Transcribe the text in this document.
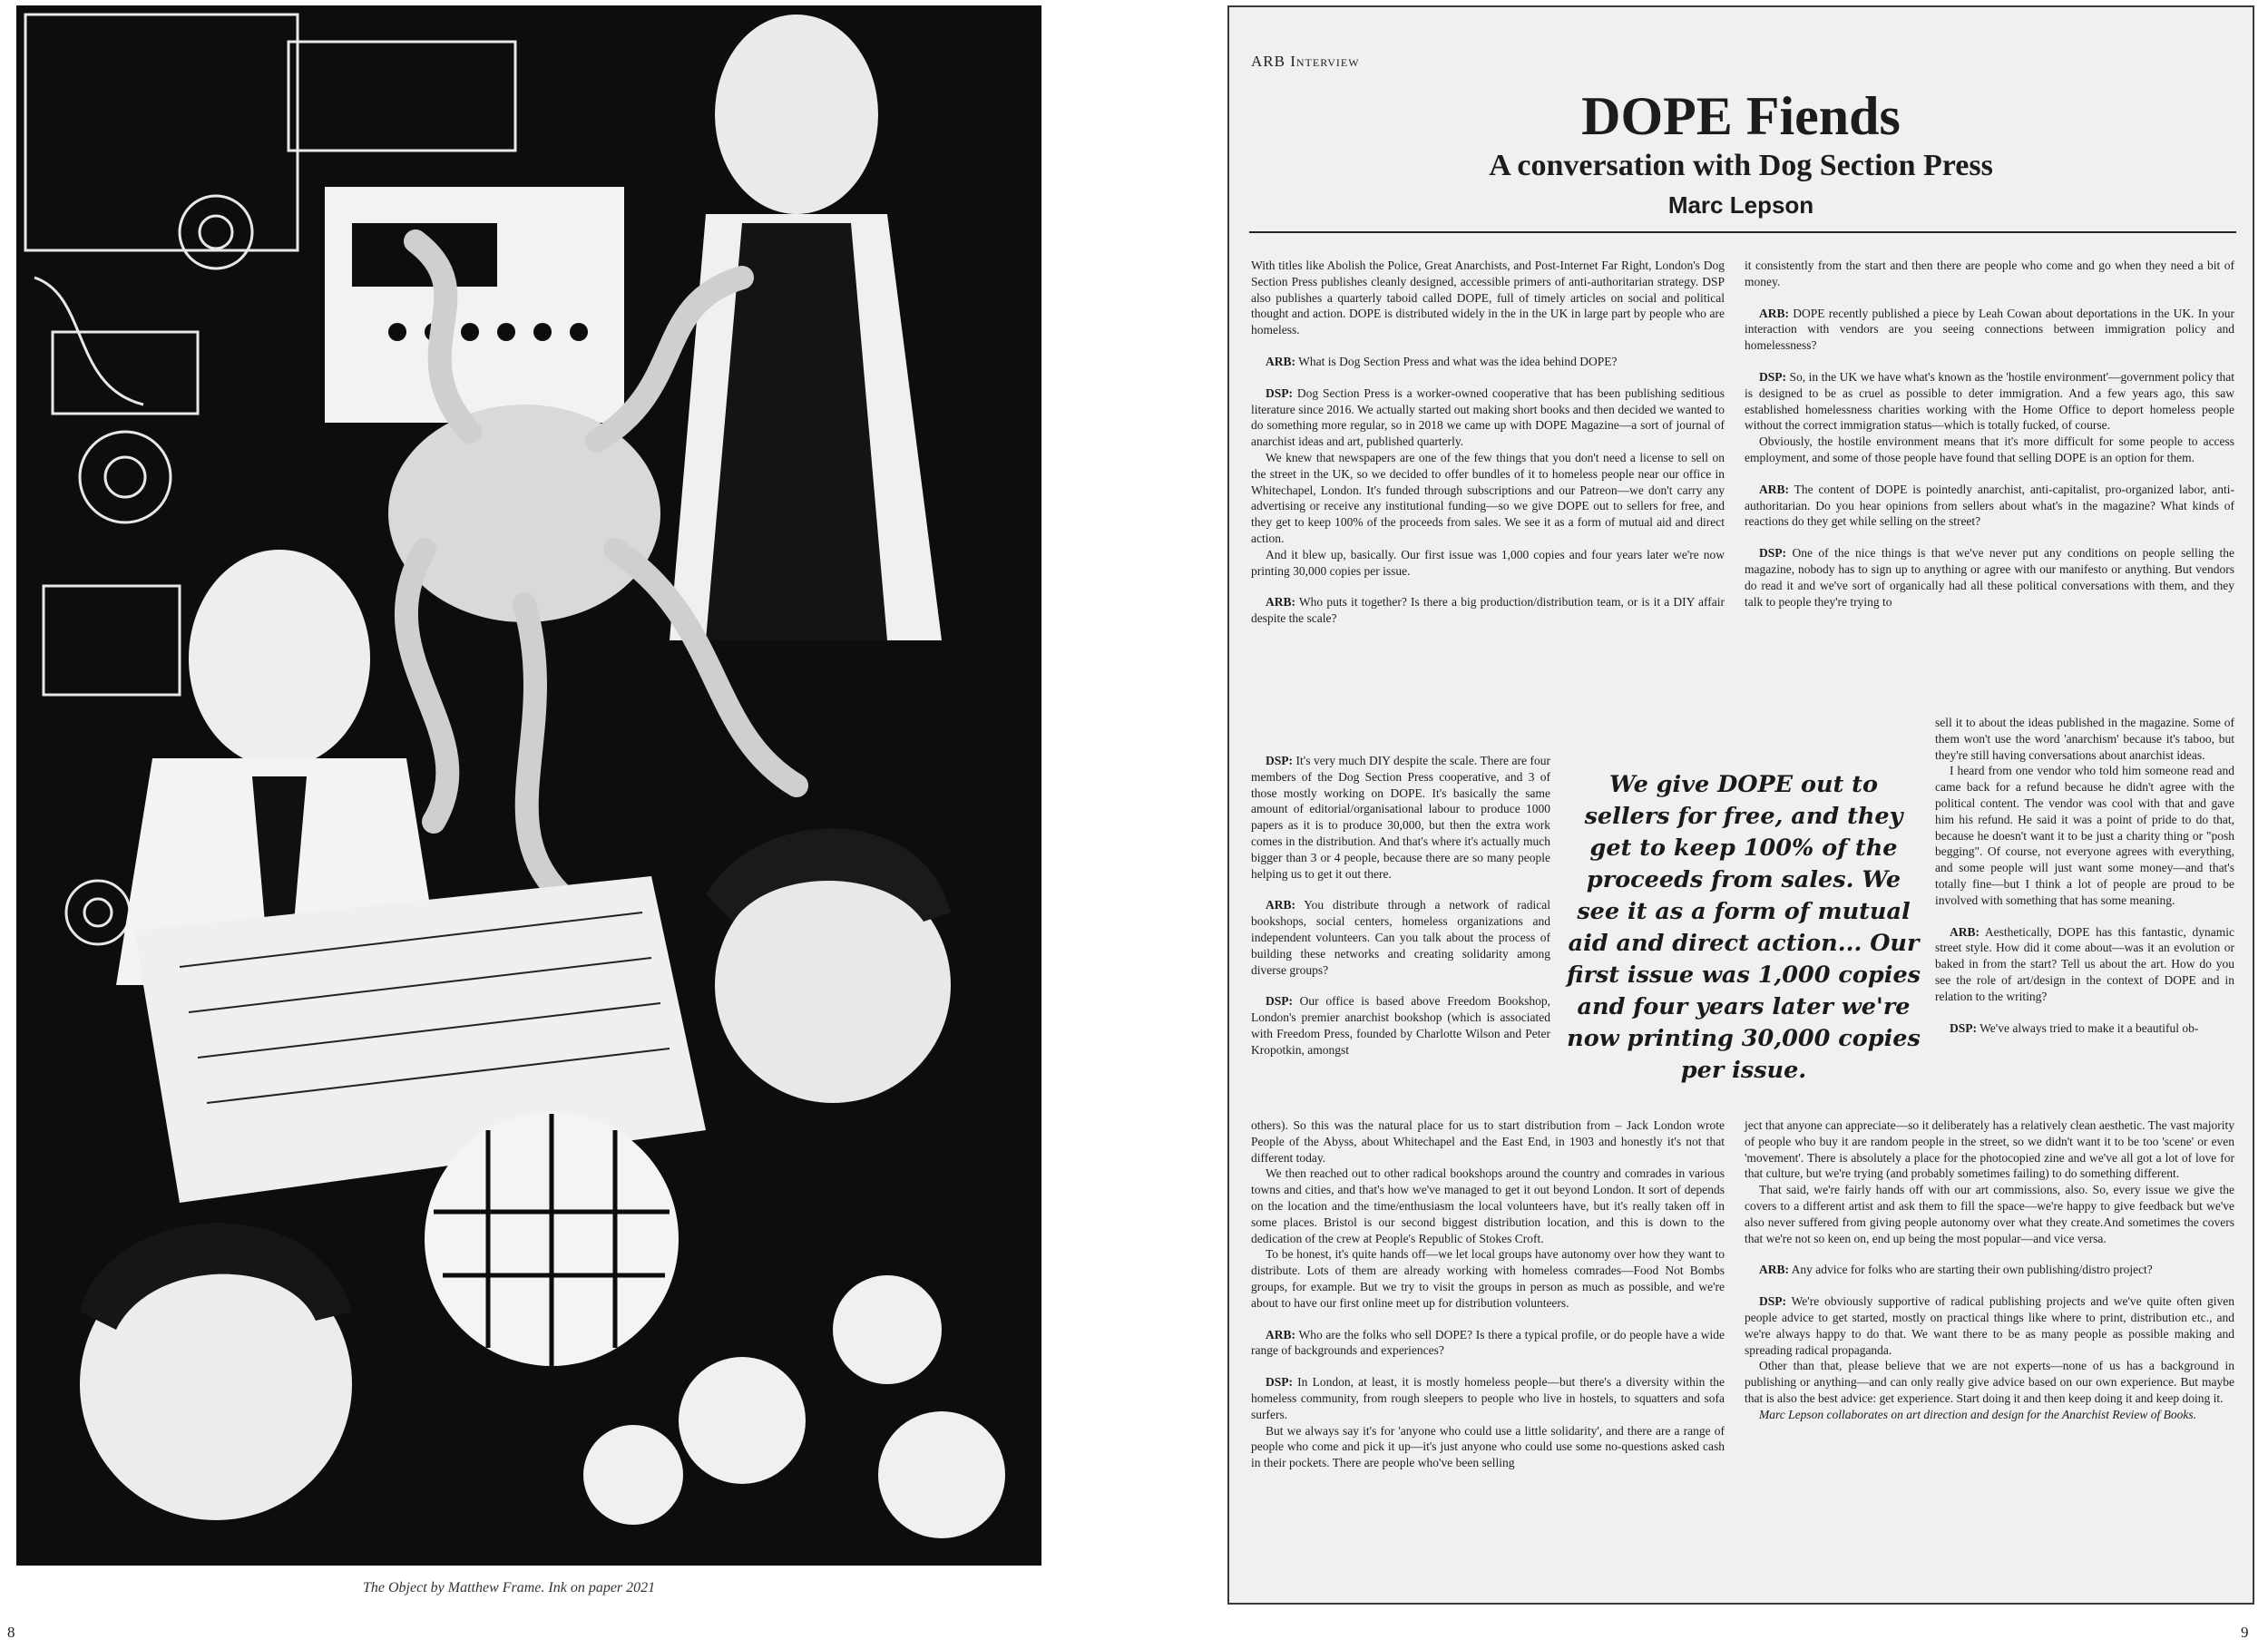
The Object by Matthew Frame. Ink on paper 2021
8
ARB Interview
DOPE Fiends
A conversation with Dog Section Press
Marc Lepson

With titles like Abolish the Police, Great Anarchists, and Post-Internet Far Right, London's Dog Section Press publishes cleanly designed, accessible primers of anti-authoritarian strategy. DSP also publishes a quarterly taboid called DOPE, full of timely articles on social and political thought and action. DOPE is distributed widely in the in the UK in large part by people who are homeless.

ARB: What is Dog Section Press and what was the idea behind DOPE?

DSP: Dog Section Press is a worker-owned cooperative that has been publishing seditious literature since 2016. We actually started out making short books and then decided we wanted to do something more regular, so in 2018 we came up with DOPE Magazine—a sort of journal of anarchist ideas and art, published quarterly.

We knew that newspapers are one of the few things that you don't need a license to sell on the street in the UK, so we decided to offer bundles of it to homeless people near our office in Whitechapel, London. It's funded through subscriptions and our Patreon—we don't carry any advertising or receive any institutional funding—so we give DOPE out to sellers for free, and they get to keep 100% of the proceeds from sales. We see it as a form of mutual aid and direct action.

And it blew up, basically. Our first issue was 1,000 copies and four years later we're now printing 30,000 copies per issue.

ARB: Who puts it together? Is there a big production/distribution team, or is it a DIY affair despite the scale?

DSP: It's very much DIY despite the scale. There are four members of the Dog Section Press cooperative, and 3 of those mostly working on DOPE. It's basically the same amount of editorial/organisational labour to produce 1000 papers as it is to produce 30,000, but then the extra work comes in the distribution. And that's where it's actually much bigger than 3 or 4 people, because there are so many people helping us to get it out there.

ARB: You distribute through a network of radical bookshops, social centers, homeless organizations and independent volunteers. Can you talk about the process of building these networks and creating solidarity among diverse groups?

DSP: Our office is based above Freedom Bookshop, London's premier anarchist bookshop (which is associated with Freedom Press, founded by Charlotte Wilson and Peter Kropotkin, amongst

others). So this was the natural place for us to start distribution from – Jack London wrote People of the Abyss, about Whitechapel and the East End, in 1903 and honestly it's not that different today.

We then reached out to other radical bookshops around the country and comrades in various towns and cities, and that's how we've managed to get it out beyond London. It sort of depends on the location and the time/enthusiasm the local volunteers have, but it's really taken off in some places. Bristol is our second biggest distribution location, and this is down to the dedication of the crew at People's Republic of Stokes Croft.

To be honest, it's quite hands off—we let local groups have autonomy over how they want to distribute. Lots of them are already working with homeless comrades—Food Not Bombs groups, for example. But we try to visit the groups in person as much as possible, and we're about to have our first online meet up for distribution volunteers.

ARB: Who are the folks who sell DOPE? Is there a typical profile, or do people have a wide range of backgrounds and experiences?

DSP: In London, at least, it is mostly homeless people—but there's a diversity within the homeless community, from rough sleepers to people who live in hostels, to squatters and sofa surfers.

But we always say it's for 'anyone who could use a little solidarity', and there are a range of people who come and pick it up—it's just anyone who could use some no-questions asked cash in their pockets. There are people who've been selling

We give DOPE out to sellers for free, and they get to keep 100% of the proceeds from sales. We see it as a form of mutual aid and direct action... Our first issue was 1,000 copies and four years later we're now printing 30,000 copies per issue.

it consistently from the start and then there are people who come and go when they need a bit of money.

ARB: DOPE recently published a piece by Leah Cowan about deportations in the UK. In your interaction with vendors are you seeing connections between immigration policy and homelessness?

DSP: So, in the UK we have what's known as the 'hostile environment'—government policy that is designed to be as cruel as possible to deter immigration. And a few years ago, this saw established homelessness charities working with the Home Office to deport homeless people without the correct immigration status—which is totally fucked, of course.

Obviously, the hostile environment means that it's more difficult for some people to access employment, and some of those people have found that selling DOPE is an option for them.

ARB: The content of DOPE is pointedly anarchist, anti-capitalist, pro-organized labor, anti-authoritarian. Do you hear opinions from sellers about what's in the magazine? What kinds of reactions do they get while selling on the street?

DSP: One of the nice things is that we've never put any conditions on people selling the magazine, nobody has to sign up to anything or agree with our manifesto or anything. But vendors do read it and we've sort of organically had all these political conversations with them, and they talk to people they're trying to

sell it to about the ideas published in the magazine. Some of them won't use the word 'anarchism' because it's taboo, but they're still having conversations about anarchist ideas.

I heard from one vendor who told him someone read and came back for a refund because he didn't agree with the political content. The vendor was cool with that and gave him his refund. He said it was a point of pride to do that, because he doesn't want it to be just a charity thing or "posh begging". Of course, not everyone agrees with everything, and some people will just want some money—and that's totally fine—but I think a lot of people are proud to be involved with something that has some meaning.

ARB: Aesthetically, DOPE has this fantastic, dynamic street style. How did it come about—was it an evolution or baked in from the start? Tell us about the art. How do you see the role of art/design in the context of DOPE and in relation to the writing?

DSP: We've always tried to make it a beautiful ob-

ject that anyone can appreciate—so it deliberately has a relatively clean aesthetic. The vast majority of people who buy it are random people in the street, so we didn't want it to be too 'scene' or even 'movement'. There is absolutely a place for the photocopied zine and we've all got a lot of love for that culture, but we're trying (and probably sometimes failing) to do something different.

That said, we're fairly hands off with our art commissions, also. So, every issue we give the covers to a different artist and ask them to fill the space—we're happy to give feedback but we've also never suffered from giving people autonomy over what they create.And sometimes the covers that we're not so keen on, end up being the most popular—and vice versa.

ARB: Any advice for folks who are starting their own publishing/distro project?

DSP: We're obviously supportive of radical publishing projects and we've quite often given people advice to get started, mostly on practical things like where to print, distribution etc., and we're always happy to do that. We want there to be as many people as possible making and spreading radical propaganda.

Other than that, please believe that we are not experts—none of us has a background in publishing or anything—and can only really give advice based on our own experience. But maybe that is also the best advice: get experience. Start doing it and then keep doing it and keep doing it.

Marc Lepson collaborates on art direction and design for the Anarchist Review of Books.

9
